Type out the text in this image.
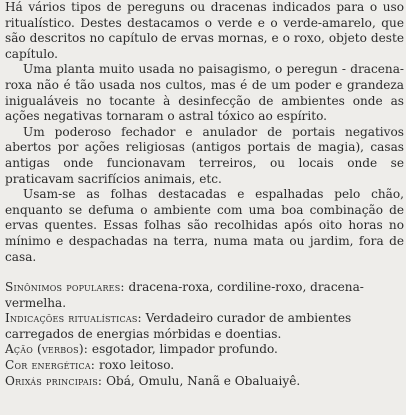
Há vários tipos de pereguns ou dracenas indicados para o uso ritualístico. Destes destacamos o verde e o verde-amarelo, que são descritos no capítulo de ervas mornas, e o roxo, objeto deste capítulo.

Uma planta muito usada no paisagismo, o peregun - dracena-roxa não é tão usada nos cultos, mas é de um poder e grandeza inigualáveis no tocante à desinfecção de ambientes onde as ações negativas tornaram o astral tóxico ao espírito.

Um poderoso fechador e anulador de portais negativos abertos por ações religiosas (antigos portais de magia), casas antigas onde funcionavam terreiros, ou locais onde se praticavam sacrifícios animais, etc.

Usam-se as folhas destacadas e espalhadas pelo chão, enquanto se defuma o ambiente com uma boa combinação de ervas quentes. Essas folhas são recolhidas após oito horas no mínimo e despachadas na terra, numa mata ou jardim, fora de casa.

Sinônimos populares: dracena-roxa, cordiline-roxo, dracena-vermelha.

Indicações ritualísticas: Verdadeiro curador de ambientes carregados de energias mórbidas e doentias.

Ação (verbos): esgotador, limpador profundo.

Cor energética: roxo leitoso.

Orixás principais: Obá, Omulu, Nanã e Obaluaiyê.
